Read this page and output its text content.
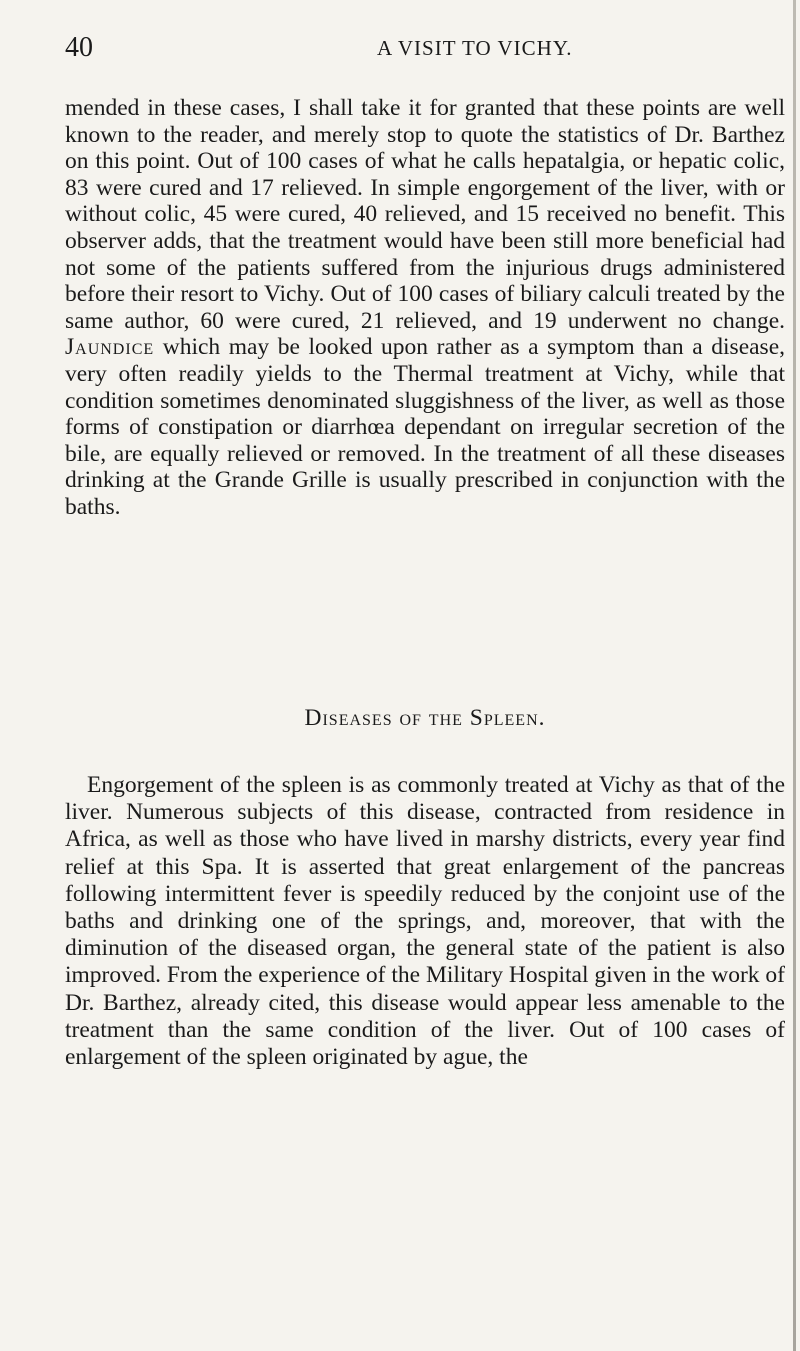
40	A VISIT TO VICHY.

mended in these cases, I shall take it for granted that these points are well known to the reader, and merely stop to quote the statistics of Dr. Barthez on this point. Out of 100 cases of what he calls hepatalgia, or hepatic colic, 83 were cured and 17 relieved. In simple engorgement of the liver, with or without colic, 45 were cured, 40 relieved, and 15 received no benefit. This observer adds, that the treatment would have been still more beneficial had not some of the patients suffered from the injurious drugs administered before their resort to Vichy. Out of 100 cases of biliary calculi treated by the same author, 60 were cured, 21 relieved, and 19 underwent no change. Jaundice which may be looked upon rather as a symptom than a disease, very often readily yields to the Thermal treatment at Vichy, while that condition sometimes denominated sluggishness of the liver, as well as those forms of constipation or diarrhœa dependant on irregular secretion of the bile, are equally relieved or removed. In the treatment of all these diseases drinking at the Grande Grille is usually prescribed in conjunction with the baths.

Diseases of the Spleen.

Engorgement of the spleen is as commonly treated at Vichy as that of the liver. Numerous subjects of this disease, contracted from residence in Africa, as well as those who have lived in marshy districts, every year find relief at this Spa. It is asserted that great enlargement of the pancreas following intermittent fever is speedily reduced by the conjoint use of the baths and drinking one of the springs, and, moreover, that with the diminution of the diseased organ, the general state of the patient is also improved. From the experience of the Military Hospital given in the work of Dr. Barthez, already cited, this disease would appear less amenable to the treatment than the same condition of the liver. Out of 100 cases of enlargement of the spleen originated by ague, the
